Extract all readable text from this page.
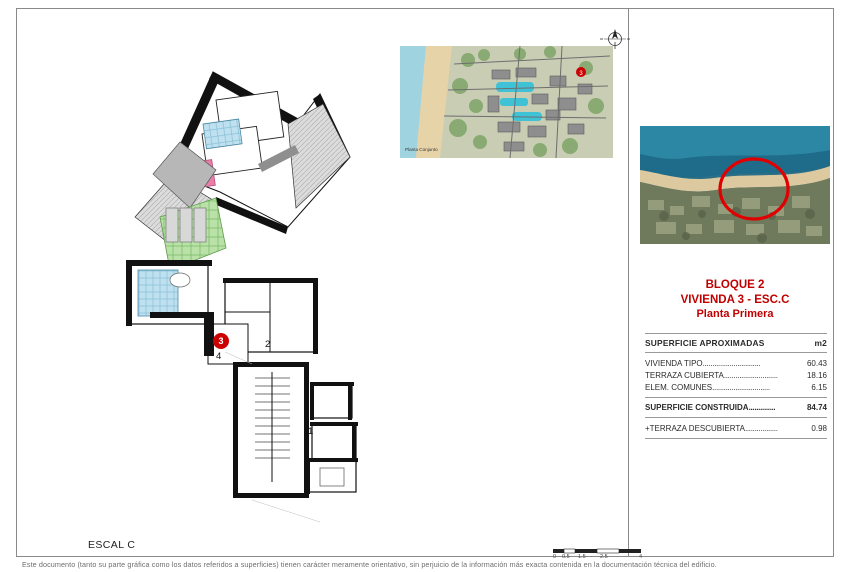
3	2
4
1
ESCAL C
0 0.5 1.5	2.5	4
3
Planta Conjunto
BLOQUE 2
VIVIENDA 3 - ESC.C
Planta Primera
SUPERFICIE APROXIMADAS	m2
VIVIENDA TIPO..............................	60.43
TERRAZA CUBIERTA............................	18.16
ELEM. COMUNES..............................	6.15
SUPERFICIE CONSTRUIDA..............	84.74
+TERRAZA DESCUBIERTA.................	0.98
Este documento (tanto su parte gráfica como los datos referidos a superficies) tienen carácter meramente orientativo, sin perjuicio de la información más exacta contenida en la documentación técnica del edificio.
